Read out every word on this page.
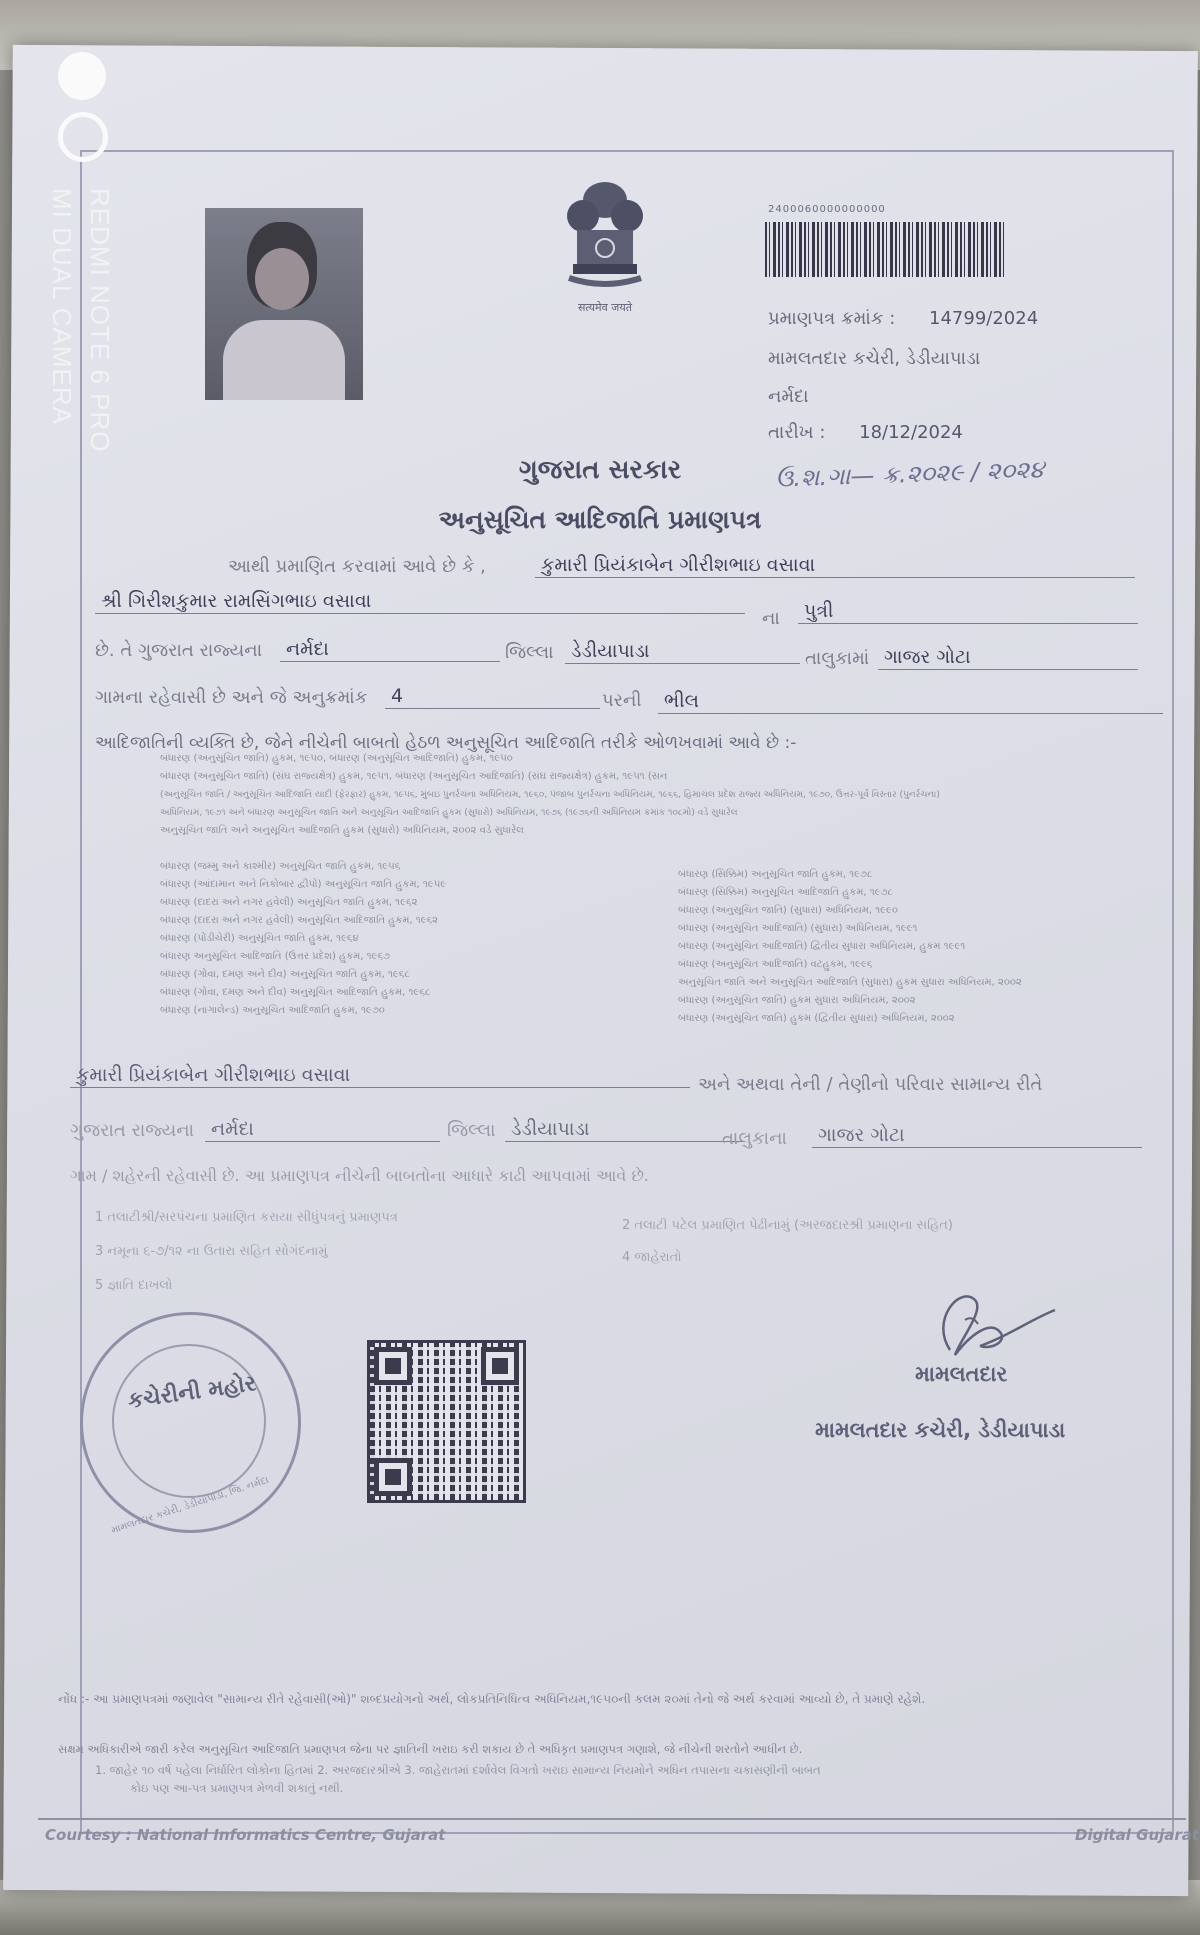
REDMI NOTE 6 PRO
MI DUAL CAMERA	सत्यमेव जयते
2400060000000000
પ્રમાણપત્ર ક્રમાંક : 14799/2024
મામલતદાર કચેરી, ડેડીયાપાડા
નર્મદા
તારીખ : 18/12/2024
ગુજરાત સરકાર	ઉ.શ.ગા— ક્ર.૨૦૨૯ / ૨૦૨૪
અનુસૂચિત આદિજાતિ પ્રમાણપત્ર
આથી પ્રમાણિત કરવામાં આવે છે કે ,	કુમારી પ્રિયંકાબેન ગીરીશભાઇ વસાવા
શ્રી ગિરીશકુમાર રામસિંગભાઇ વસાવા
ના	પુત્રી
છે. તે ગુજરાત રાજ્યના	નર્મદા	જિલ્લા ડેડીયાપાડા	તાલુકામાં ગાજર ગોટા
ગામના રહેવાસી છે અને જે અનુક્રમાંક	4	પરની	ભીલ
આદિજાતિની વ્યક્તિ છે, જેને નીચેની બાબતો હેઠળ અનુસૂચિત આદિજાતિ તરીકે ઓળખવામાં આવે છે :-
બંધારણ (અનુસૂચિત જાતિ) હુકમ, ૧૯૫૦, બંધારણ (અનુસૂચિત આદિજાતિ) હુકમ, ૧૯૫૦
બંધારણ (અનુસૂચિત જાતિ) (સંઘ રાજ્યક્ષેત્ર) હુકમ, ૧૯૫૧, બંધારણ (અનુસૂચિત આદિજાતિ) (સંઘ રાજ્યક્ષેત્ર) હુકમ, ૧૯૫૧ (સન
(અનુસૂચિત જાતિ / અનુસૂચિત આદિજાતિ યાદી (ફેરફાર) હુકમ, ૧૯૫૬, મુંબઇ પુનર્રચના અધિનિયમ, ૧૯૬૦, પંજાબ પુનર્રચના અધિનિયમ, ૧૯૬૬, હિમાચલ પ્રદેશ રાજ્ય અધિનિયમ, ૧૯૭૦, ઉત્તર-પૂર્વ વિસ્તાર (પુનર્રચના)
અધિનિયમ, ૧૯૭૧ અને બંધારણ અનુસૂચિત જાતિ અને અનુસૂચિત આદિજાતિ હુકમ (સુધારો) અધિનિયમ, ૧૯૭૬ (૧૯૭૬ની અધિનિયમ ક્રમાંક ૧૦૮મો) વડે સુધારેલ
અનુસૂચિત જાતિ અને અનુસૂચિત આદિજાતિ હુકમ (સુધારો) અધિનિયમ, ૨૦૦૨ વડે સુધારેલ
બંધારણ (જમ્મુ અને કાશ્મીર) અનુસૂચિત જાતિ હુકમ, ૧૯૫૬
બંધારણ (આંદામાન અને નિકોબાર દ્વીપો) અનુસૂચિત જાતિ હુકમ, ૧૯૫૯
બંધારણ (દાદરા અને નગર હવેલી) અનુસૂચિત જાતિ હુકમ, ૧૯૬૨
બંધારણ (દાદરા અને નગર હવેલી) અનુસૂચિત આદિજાતિ હુકમ, ૧૯૬૨
બંધારણ (પોંડીચેરી) અનુસૂચિત જાતિ હુકમ, ૧૯૬૪
બંધારણ અનુસૂચિત આદિજાતિ (ઉત્તર પ્રદેશ) હુકમ, ૧૯૬૭
બંધારણ (ગોવા, દમણ અને દીવ) અનુસૂચિત જાતિ હુકમ, ૧૯૬૮
બંધારણ (ગોવા, દમણ અને દીવ) અનુસૂચિત આદિજાતિ હુકમ, ૧૯૬૮
બંધારણ (નાગાલેન્ડ) અનુસૂચિત આદિજાતિ હુકમ, ૧૯૭૦
બંધારણ (સિક્કિમ) અનુસૂચિત જાતિ હુકમ, ૧૯૭૮
બંધારણ (સિક્કિમ) અનુસૂચિત આદિજાતિ હુકમ, ૧૯૭૮
બંધારણ (અનુસૂચિત જાતિ) (સુધારા) અધિનિયમ, ૧૯૯૦
બંધારણ (અનુસૂચિત આદિજાતિ) (સુધારા) અધિનિયમ, ૧૯૯૧
બંધારણ (અનુસૂચિત આદિજાતિ) દ્વિતીય સુધારા અધિનિયમ, હુકમ ૧૯૯૧
બંધારણ (અનુસૂચિત આદિજાતિ) વટહુકમ, ૧૯૯૬
અનુસૂચિત જાતિ અને અનુસૂચિત આદિજાતિ (સુધારા) હુકમ સુધારા અધિનિયમ, ૨૦૦૨
બંધારણ (અનુસૂચિત જાતિ) હુકમ સુધારા અધિનિયમ, ૨૦૦૨
બંધારણ (અનુસૂચિત જાતિ) હુકમ (દ્વિતીય સુધારા) અધિનિયમ, ૨૦૦૨
કુમારી પ્રિયંકાબેન ગીરીશભાઇ વસાવા	અને અથવા તેની / તેણીનો પરિવાર સામાન્ય રીતે
ગુજરાત રાજ્યના નર્મદા	જિલ્લા ડેડીયાપાડા	તાલુકાના	ગાજર ગોટા
ગામ / શહેરની રહેવાસી છે. આ પ્રમાણપત્ર નીચેની બાબતોના આધારે કાઢી આપવામાં આવે છે.
1 તલાટીશ્રી/સરપંચના પ્રમાણિત કરાયા સીધુંપત્રનું પ્રમાણપત્ર
2 તલાટી પટેલ પ્રમાણિત પેઢીનામું (અરજદારશ્રી પ્રમાણના સહિત)
3 નમૂના ૬-૭/૧૨ ના ઉતારા સહિત સોગંદનામું	4 જાહેરાતો
5 જ્ઞાતિ દાખલો
કચેરીની મહોર
મામલતદાર કચેરી, ડેડીયાપાડા, જિ. નર્મદા
મામલતદાર
મામલતદાર કચેરી, ડેડીયાપાડા
નોંધ :- આ પ્રમાણપત્રમાં જણાવેલ "સામાન્ય રીતે રહેવાસી(ઓ)" શબ્દપ્રયોગનો અર્થ, લોકપ્રતિનિધિત્વ અધિનિયમ,૧૯૫૦ની કલમ ૨૦માં તેનો જે અર્થ કરવામાં આવ્યો છે, તે પ્રમાણે રહેશે.
સક્ષમ અધિકારીએ જારી કરેલ અનુસૂચિત આદિજાતિ પ્રમાણપત્ર જેના પર જ્ઞાતિની ખરાઇ કરી શકાય છે તે અધિકૃત પ્રમાણપત્ર ગણાશે, જે નીચેની શરતોને આધીન છે.
1. જાહેર ૧૦ વર્ષ પહેલા નિર્ધારિત લોકોના હિતમાં 2. અરજદારશ્રીએ 3. જાહેરાતમાં દર્શાવેલ વિગતો ખરાઇ સામાન્ય નિયમોને અધિન તપાસના ચકાસણીની બાબત
કોઇ પણ આ-પત્ર પ્રમાણપત્ર મેળવી શકાતું નથી.
Courtesy : National Informatics Centre, Gujarat	Digital Gujarat
